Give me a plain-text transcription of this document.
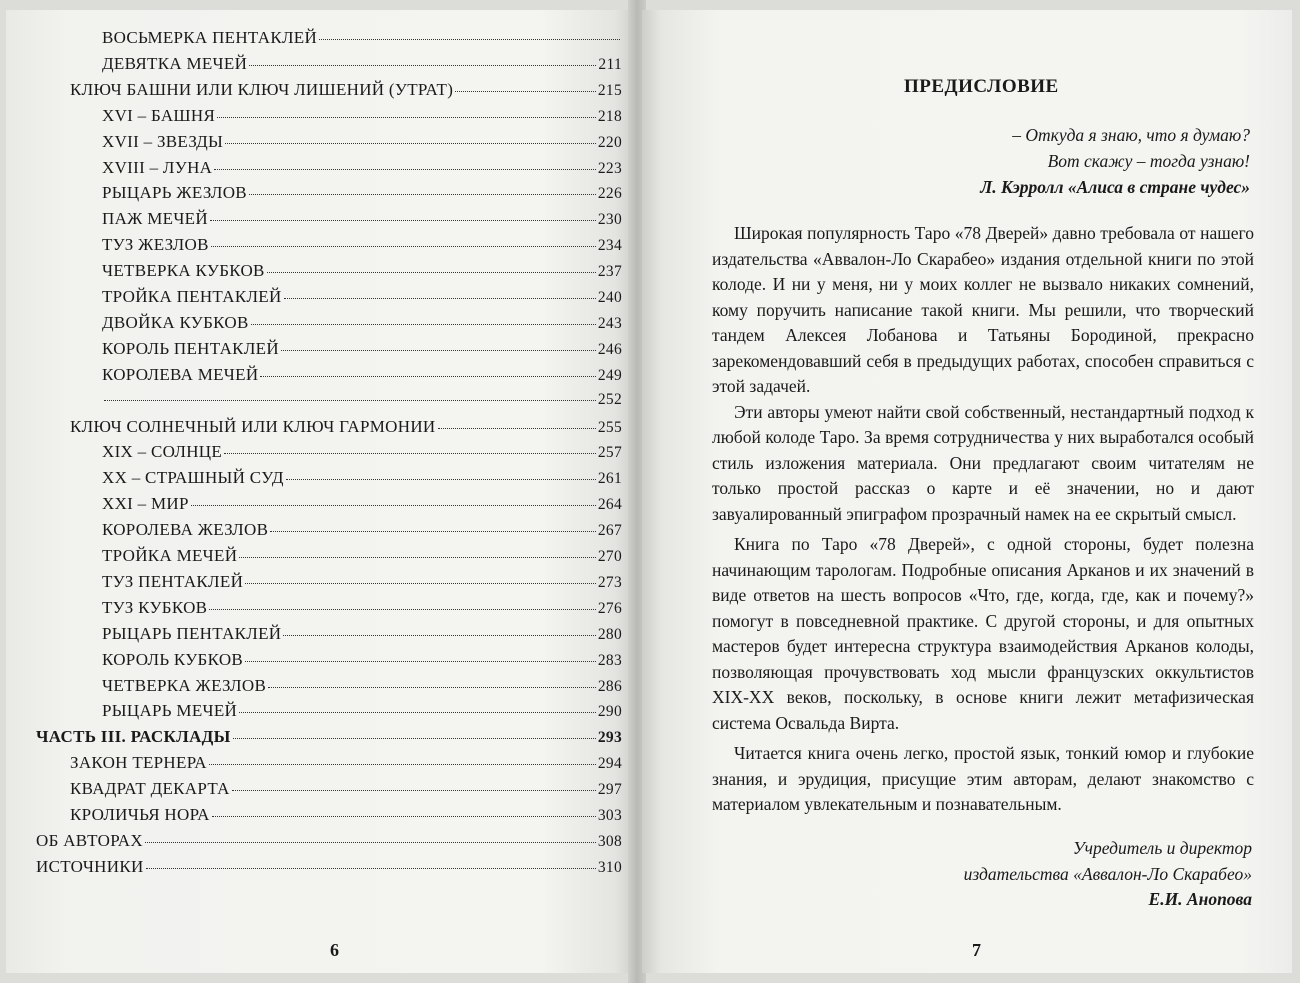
ВОСЬМЕРКА ПЕНТАКЛЕЙ
ДЕВЯТКА МЕЧЕЙ	211
КЛЮЧ БАШНИ ИЛИ КЛЮЧ ЛИШЕНИЙ (УТРАТ)	215
XVI – БАШНЯ	218
XVII – ЗВЕЗДЫ	220
XVIII – ЛУНА	223
РЫЦАРЬ ЖЕЗЛОВ	226
ПАЖ МЕЧЕЙ	230
ТУЗ ЖЕЗЛОВ	234
ЧЕТВЕРКА КУБКОВ	237
ТРОЙКА ПЕНТАКЛЕЙ	240
ДВОЙКА КУБКОВ	243
КОРОЛЬ ПЕНТАКЛЕЙ	246
КОРОЛЕВА МЕЧЕЙ	249
252
КЛЮЧ СОЛНЕЧНЫЙ ИЛИ КЛЮЧ ГАРМОНИИ	255
XIX – СОЛНЦЕ	257
XX – СТРАШНЫЙ СУД	261
XXI – МИР	264
КОРОЛЕВА ЖЕЗЛОВ	267
ТРОЙКА МЕЧЕЙ	270
ТУЗ ПЕНТАКЛЕЙ	273
ТУЗ КУБКОВ	276
РЫЦАРЬ ПЕНТАКЛЕЙ	280
КОРОЛЬ КУБКОВ	283
ЧЕТВЕРКА ЖЕЗЛОВ	286
РЫЦАРЬ МЕЧЕЙ	290
ЧАСТЬ III. РАСКЛАДЫ	293
ЗАКОН ТЕРНЕРА	294
КВАДРАТ ДЕКАРТА	297
КРОЛИЧЬЯ НОРА	303
ОБ АВТОРАХ	308
ИСТОЧНИКИ	310
6
ПРЕДИСЛОВИЕ
– Откуда я знаю, что я думаю?
Вот скажу – тогда узнаю!
Л. Кэрролл «Алиса в стране чудес»

Широкая популярность Таро «78 Дверей» давно требовала от нашего издательства «Аввалон-Ло Скарабео» издания отдельной книги по этой колоде. И ни у меня, ни у моих коллег не вызвало никаких сомнений, кому поручить написание такой книги. Мы решили, что творческий тандем Алексея Лобанова и Татьяны Бородиной, прекрасно зарекомендовавший себя в предыдущих работах, способен справиться с этой задачей.

Эти авторы умеют найти свой собственный, нестандартный подход к любой колоде Таро. За время сотрудничества у них выработался особый стиль изложения материала. Они предлагают своим читателям не только простой рассказ о карте и её значении, но и дают завуалированный эпиграфом прозрачный намек на ее скрытый смысл.

Книга по Таро «78 Дверей», с одной стороны, будет полезна начинающим тарологам. Подробные описания Арканов и их значений в виде ответов на шесть вопросов «Что, где, когда, где, как и почему?» помогут в повседневной практике. С другой стороны, и для опытных мастеров будет интересна структура взаимодействия Арканов колоды, позволяющая прочувствовать ход мысли французских оккультистов XIX-XX веков, поскольку, в основе книги лежит метафизическая система Освальда Вирта.

Читается книга очень легко, простой язык, тонкий юмор и глубокие знания, и эрудиция, присущие этим авторам, делают знакомство с материалом увлекательным и познавательным.

Учредитель и директор
издательства «Аввалон-Ло Скарабео»
Е.И. Анопова
7
